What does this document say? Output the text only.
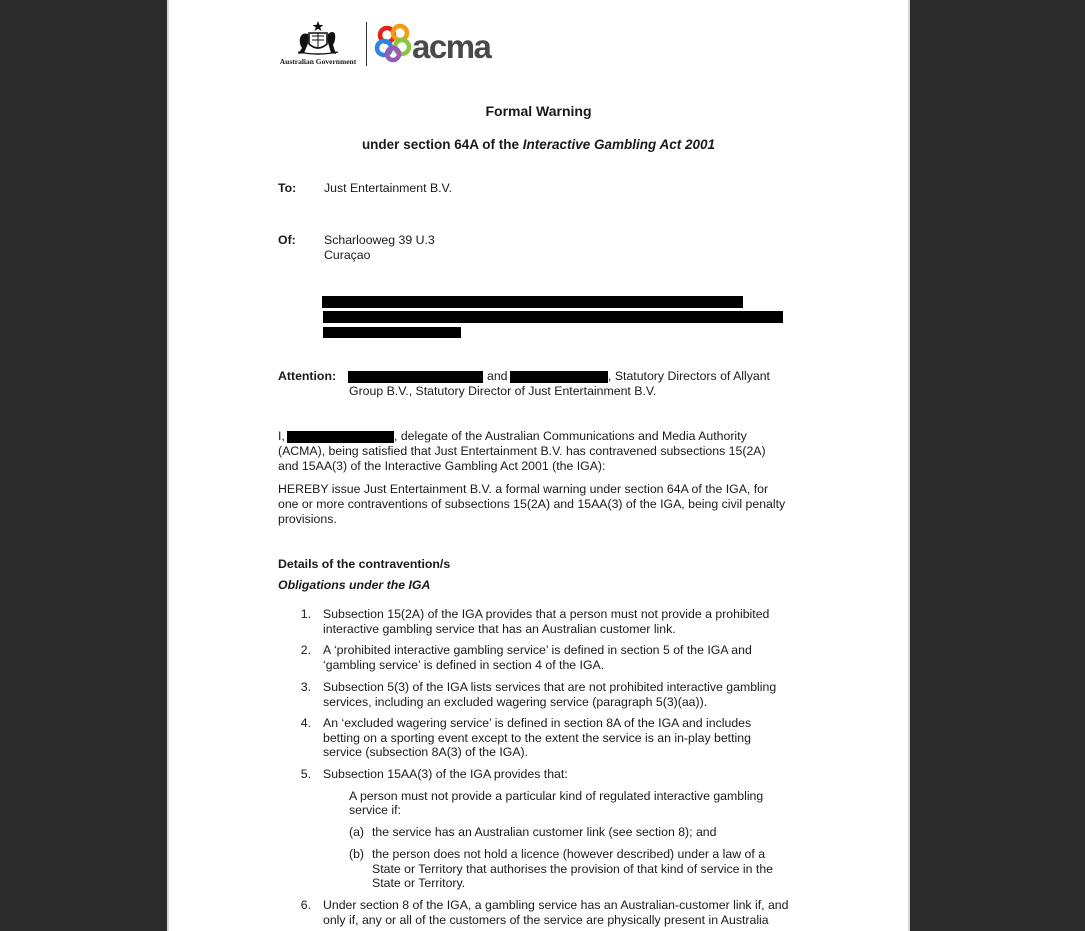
Australian Government acma
Formal Warning
under section 64A of the Interactive Gambling Act 2001
To: Just Entertainment B.V.
Of: Scharlooweg 39 U.3
Curaçao
Attention:	and	, Statutory Directors of Allyant
Group B.V., Statutory Director of Just Entertainment B.V.
I,	, delegate of the Australian Communications and Media Authority
(ACMA), being satisfied that Just Entertainment B.V. has contravened subsections 15(2A)
and 15AA(3) of the Interactive Gambling Act 2001 (the IGA):
HEREBY issue Just Entertainment B.V. a formal warning under section 64A of the IGA, for
one or more contraventions of subsections 15(2A) and 15AA(3) of the IGA, being civil penalty
provisions.
Details of the contravention/s
Obligations under the IGA
1. Subsection 15(2A) of the IGA provides that a person must not provide a prohibited
interactive gambling service that has an Australian customer link.
2. A ‘prohibited interactive gambling service’ is defined in section 5 of the IGA and
‘gambling service’ is defined in section 4 of the IGA.
3. Subsection 5(3) of the IGA lists services that are not prohibited interactive gambling
services, including an excluded wagering service (paragraph 5(3)(aa)).
4. An ‘excluded wagering service’ is defined in section 8A of the IGA and includes
betting on a sporting event except to the extent the service is an in-play betting
service (subsection 8A(3) of the IGA).
5. Subsection 15AA(3) of the IGA provides that:
A person must not provide a particular kind of regulated interactive gambling
service if:
(a) the service has an Australian customer link (see section 8); and
(b) the person does not hold a licence (however described) under a law of a
State or Territory that authorises the provision of that kind of service in the
State or Territory.
6. Under section 8 of the IGA, a gambling service has an Australian-customer link if, and
only if, any or all of the customers of the service are physically present in Australia
